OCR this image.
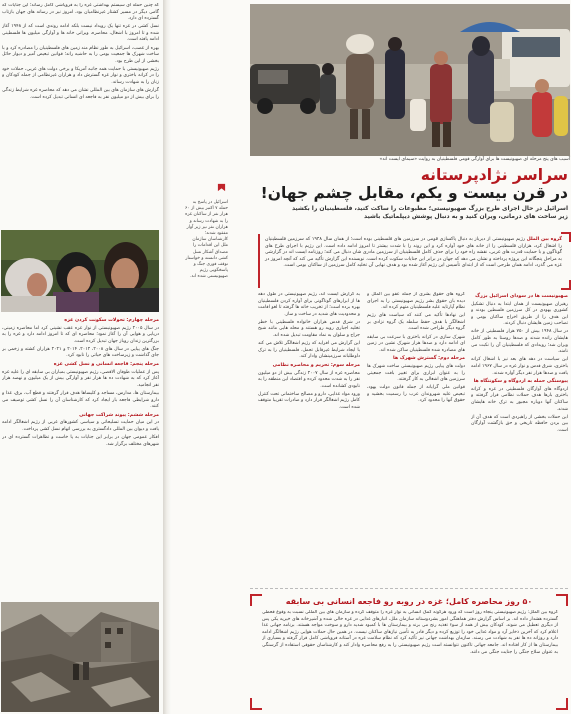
که چنین حمله ای سیستم بهداشتی غزه را به فروپاشی کامل رساند؛ این جنایات که گامی دیگر در مسیر کشتار غیرنظامیان بود، امروز نیز در رسانه های جهان بازتاب گسترده ای دارد.

نسل کشی در غزه تنها یک رویداد نیست بلکه ادامه روندی است که از ۱۹۴۸ آغاز شده و تا امروز با اشغال، محاصره، ویرانی خانه ها و آوارگی میلیون ها فلسطینی ادامه یافته است.

بهره از غصب، اسرائیل به طور نظام مند زمین های فلسطینیان را مصادره کرد و با ساخت شهرک ها جمعیت بومی را به حاشیه راند؛ قوانین تبعیض آمیز و دیوار حائل بخشی از این طرح بود.

رژیم صهیونیستی با حمایت همه جانبه آمریکا و برخی دولت های غربی، حملات خود را در کرانه باختری و نوار غزه گسترش داد و هزاران غیرنظامی از جمله کودکان و زنان را به شهادت رساند.

گزارش های سازمان های بین المللی نشان می دهد که محاصره غزه شرایط زندگی را برای بیش از دو میلیون نفر به فاجعه ای انسانی تبدیل کرده است.

مرحله چهارم: تحولات سکونت کردن غزه

در سال ۲۰۰۵ رژیم صهیونیستی از نوار غزه عقب نشینی کرد اما محاصره زمینی، دریایی و هوایی آن را آغاز نمود؛ محاصره ای که تا امروز ادامه دارد و غزه را به بزرگترین زندان روباز جهان تبدیل کرده است.

جنگ های پیاپی در سال های ۲۰۰۸، ۲۰۱۲، ۲۰۱۴ و ۲۰۲۱ هزاران کشته و زخمی بر جای گذاشت و زیرساخت های حیاتی را نابود کرد.

مرحله پنجم: فاجعه انسانی و نسل کشی غزه

پس از عملیات طوفان الاقصی، رژیم صهیونیستی بمباران بی سابقه ای را علیه غزه آغاز کرد که به شهادت ده ها هزار نفر و آوارگی بیش از یک میلیون و نهصد هزار نفر انجامید.

بیمارستان ها، مدارس، مساجد و کلیساها هدف قرار گرفتند و قطع آب، برق، غذا و دارو شرایطی فاجعه بار ایجاد کرد که کارشناسان آن را نسل کشی توصیف می کنند.

مرحله ششم: پیوند شراکت جهانی

در این میان حمایت تسلیحاتی و سیاسی کشورهای غربی از رژیم اشغالگر ادامه یافت و دیوان بین المللی دادگستری به بررسی اتهام نسل کشی پرداخت.

افکار عمومی جهان در برابر این جنایات به پا خاست و تظاهرات گسترده ای در شهرهای مختلف برگزار شد.

اسرائیل در پاسخ به حمله ۷ اکتبر بیش از ۶۰ هزار نفر از ساکنان غزه را به شهادت رساند و هزاران نفر نیز زیر آوار مفقود شدند؛ کارشناسان سازمان ملل این اقدامات را مصداق آشکار نسل کشی دانسته و خواستار توقف فوری جنگ و پاسخگویی رژیم صهیونیستی شده اند.
آسیب های پنج مرحله ای صهیونیست ها برای آوارگی قومی فلسطینیان به روایت «سیمای ایست اند»
سراسر نژادپرستانه
در قرن بیست و یکم، مقابل چشم جهان!
اسرائیل در حال اجرای طرح بزرگ صهیونیستی؛ مطبوعات را ساکت کنید، فلسطینیان را بکشید
زیر ساخت های درمانی، ویران کنید و به دنبال پوشش دیپلماتیک باشید
گروه بین الملل رژیم صهیونیستی از دیرباز به دنبال پاکسازی قومی در سرزمین های فلسطینی بوده است؛ از همان سال ۱۹۴۸ که سرزمین فلسطینیان را اشغال کرد، هزاران فلسطینی را از خانه های خود آواره کرد و این روند را با شدت بیشتر تا امروز ادامه داده است. این رژیم با اجرای طرح های گوناگون و با حمایت قدرت های غربی، نقشه راه خود را برای حذف کامل فلسطینیان از سرزمین مادری شان دنبال می کند؛ روزنامه ایست اند در گزارشی به مراحل پنجگانه این پروژه پرداخته و نشان می دهد که جهان در برابر این جنایات سکوت کرده است. نویسنده این گزارش تأکید می کند که آنچه امروز در غزه می گذرد، ادامه همان طرحی است که از ابتدای تأسیس این رژیم آغاز شده بود و هدف نهایی آن تخلیه کامل سرزمین از ساکنان بومی است.
صهیونیست ها در سودای اسرائیل بزرگ

رهبران صهیونیست از همان ابتدا به دنبال تشکیل کشوری یهودی در کل سرزمین فلسطین بودند و این هدف را از طریق اخراج ساکنان بومی و تصاحب زمین هایشان دنبال کردند.

در سال ۱۹۴۸ بیش از ۷۵۰ هزار فلسطینی از خانه هایشان رانده شدند و صدها روستا به طور کامل ویران شد؛ رویدادی که فلسطینیان آن را نکبت می نامند.

این سیاست در دهه های بعد نیز با اشغال کرانه باختری، شرق قدس و نوار غزه در سال ۱۹۶۷ ادامه یافت و صدها هزار نفر دیگر آواره شدند.

پیوستگی حمله به اردوگاه و سکونتگاه ها

اردوگاه های آوارگان فلسطینی در غزه و کرانه باختری بارها هدف حملات نظامی قرار گرفتند و ساکنان آنها دوباره مجبور به ترک خانه هایشان شدند.

این حملات بخشی از راهبردی است که هدف آن از بین بردن حافظه تاریخی و حق بازگشت آوارگان است.

گروه های حقوق بشری از جمله عفو بین الملل و دیده بان حقوق بشر رژیم صهیونیستی را به اجرای نظام آپارتاید علیه فلسطینیان متهم کرده اند.

این نهادها تأکید می کنند که سیاست های رژیم اشغالگر با هدف حفظ سلطه یک گروه نژادی بر گروه دیگر طراحی شده است.

شهرک سازی در کرانه باختری با سرعت بی سابقه ای ادامه دارد و صدها هزار شهرک نشین در زمین های مصادره شده فلسطینیان ساکن شده اند.

مرحله دوم: گسترش شهرک ها

دولت های پیاپی رژیم صهیونیستی ساخت شهرک ها را به عنوان ابزاری برای تغییر بافت جمعیتی سرزمین های اشغالی به کار گرفتند.

قوانین ملی گرایانه از جمله قانون دولت یهود، تبعیض علیه شهروندان عرب را رسمیت بخشید و حقوق آنها را محدود کرد.

به گزارش ایست اند، رژیم صهیونیستی در طول دهه ها از ابزارهای گوناگونی برای آواره کردن فلسطینیان بهره برده است؛ از تخریب خانه ها گرفته تا لغو اقامت و محدودیت های شدید در ساخت و ساز.

در شرق قدس هزاران خانواده فلسطینی با خطر تخلیه اجباری روبه رو هستند و محله هایی مانند شیخ جراح و سلوان به نماد مقاومت تبدیل شده اند.

این گزارش می افزاید که رژیم اشغالگر تلاش می کند با ایجاد شرایط غیرقابل تحمل، فلسطینیان را به ترک داوطلبانه سرزمینشان وادار کند.

مرحله سوم: تحریم و محاصره نظامی

محاصره غزه از سال ۲۰۰۷ زندگی بیش از دو میلیون نفر را به شدت محدود کرده و اقتصاد این منطقه را به نابودی کشانده است.

ورود مواد غذایی، دارو و مصالح ساختمانی تحت کنترل کامل رژیم اشغالگر قرار دارد و صادرات تقریبا متوقف شده است.

۵۰ روز محاصره کامل؛ غزه در روبه رو فاجعه انسانی بی سابقه
گروه بین الملل: رژیم صهیونیستی پنجاه روز است که ورود هرگونه کمک انسانی به نوار غزه را متوقف کرده و سازمان های بین المللی نسبت به وقوع قحطی گسترده هشدار داده اند. بر اساس گزارش دفتر هماهنگی امور بشردوستانه سازمان ملل، انبارهای غذایی در غزه خالی شده و آشپزخانه های خیریه یکی پس از دیگری تعطیل می شوند. کودکان بیش از همه از سوء تغذیه رنج می برند و بیمارستان ها با کمبود شدید دارو و سوخت مواجه هستند. برنامه جهانی غذا اعلام کرد که آخرین ذخایر آرد و مواد غذایی خود را توزیع کرده و دیگر قادر به تأمین نیازهای ساکنان نیست. در همین حال حملات هوایی رژیم اشغالگر ادامه دارد و روزانه ده ها نفر به شهادت می رسند. سازمان بهداشت جهانی نیز تأکید کرد که نظام سلامت غزه در آستانه فروپاشی کامل قرار گرفته و بسیاری از بیمارستان ها از کار افتاده اند. جامعه جهانی تاکنون نتوانسته است رژیم صهیونیستی را به رفع محاصره وادار کند و کارشناسان حقوقی استفاده از گرسنگی به عنوان سلاح جنگی را جنایت جنگی می دانند.
